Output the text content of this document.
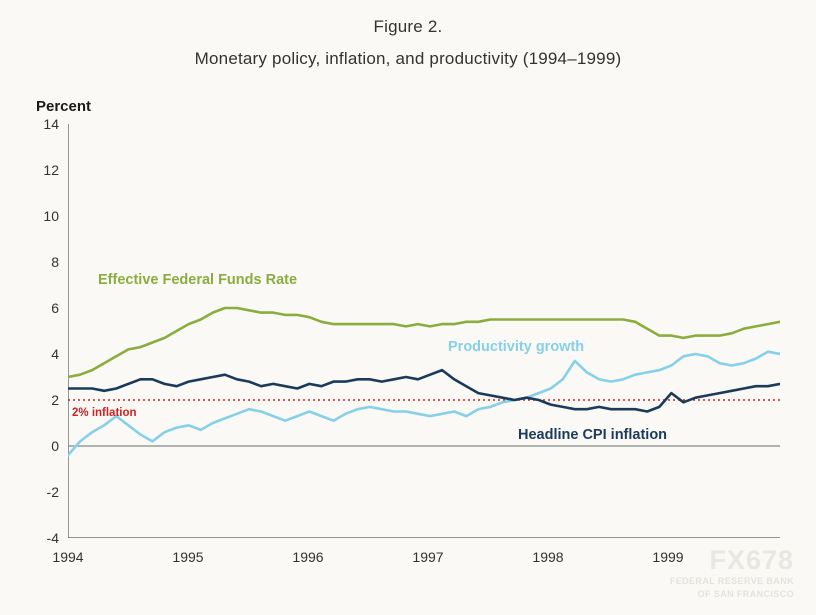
Figure 2.
Monetary policy, inflation, and productivity (1994–1999)
Percent
14
12
10
8
6
4
2
0
-2
-4
1994	1995	1996	1997	1998	1999
Effective Federal Funds Rate
Productivity growth
Headline CPI inflation
2% inflation
FX678
FEDERAL RESERVE BANK
OF SAN FRANCISCO
